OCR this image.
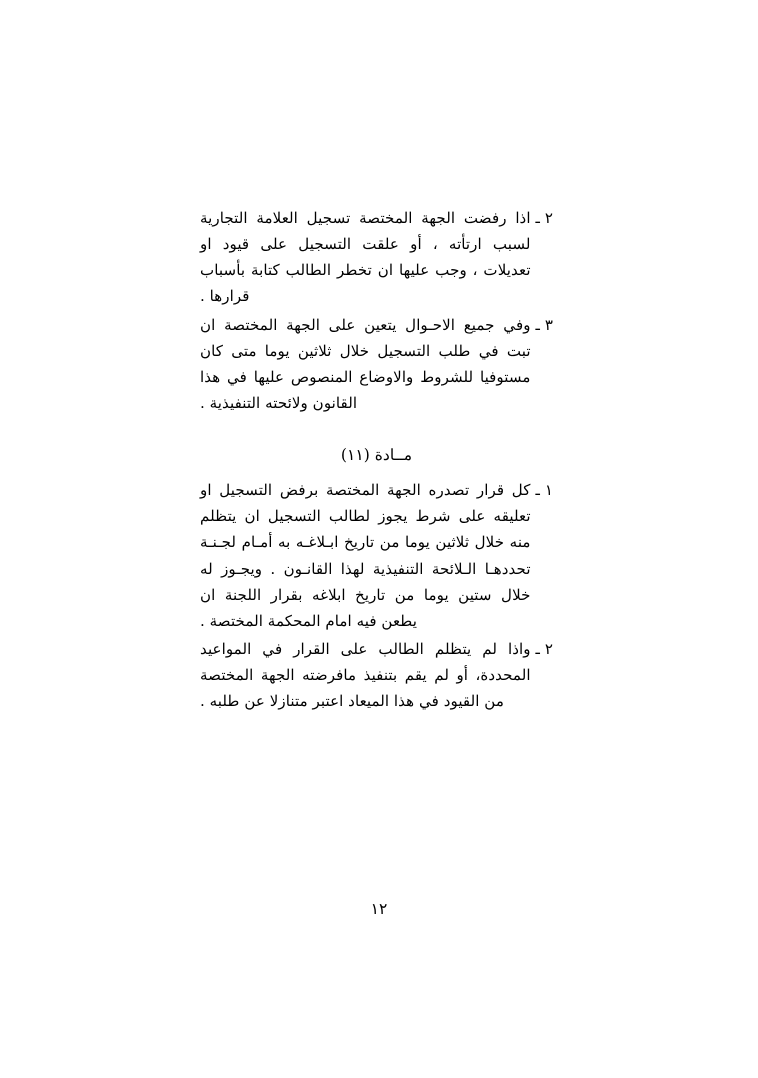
٢ ـ
اذا رفضت الجهة المختصة تسجيل العلامة التجارية لسبب ارتأته ، أو علقت التسجيل على قيود او تعديلات ، وجب عليها ان تخطر الطالب كتابة بأسباب قرارها .
٣ ـ
وفي جميع الاحـوال يتعين على الجهة المختصة ان تبت في طلب التسجيل خلال ثلاثين يوما متى كان مستوفيا للشروط والاوضاع المنصوص عليها في هذا القانون ولائحته التنفيذية .
مــادة (١١)
١ ـ
كل قرار تصدره الجهة المختصة برفض التسجيل او تعليقه على شرط يجوز لطالب التسجيل ان يتظلم منه خلال ثلاثين يوما من تاريخ ابـلاغـه به أمـام لجـنـة تحددهـا الـلائحة التنفيذية لهذا القانـون . ويجـوز له خلال ستين يوما من تاريخ ابلاغه بقرار اللجنة ان يطعن فيه امام المحكمة المختصة .
٢ ـ
واذا لم يتظلم الطالب على القرار في المواعيد المحددة، أو لم يقم بتنفيذ مافرضته الجهة المختصة من القيود في هذا الميعاد اعتبر متنازلا عن طلبه .
١٢
